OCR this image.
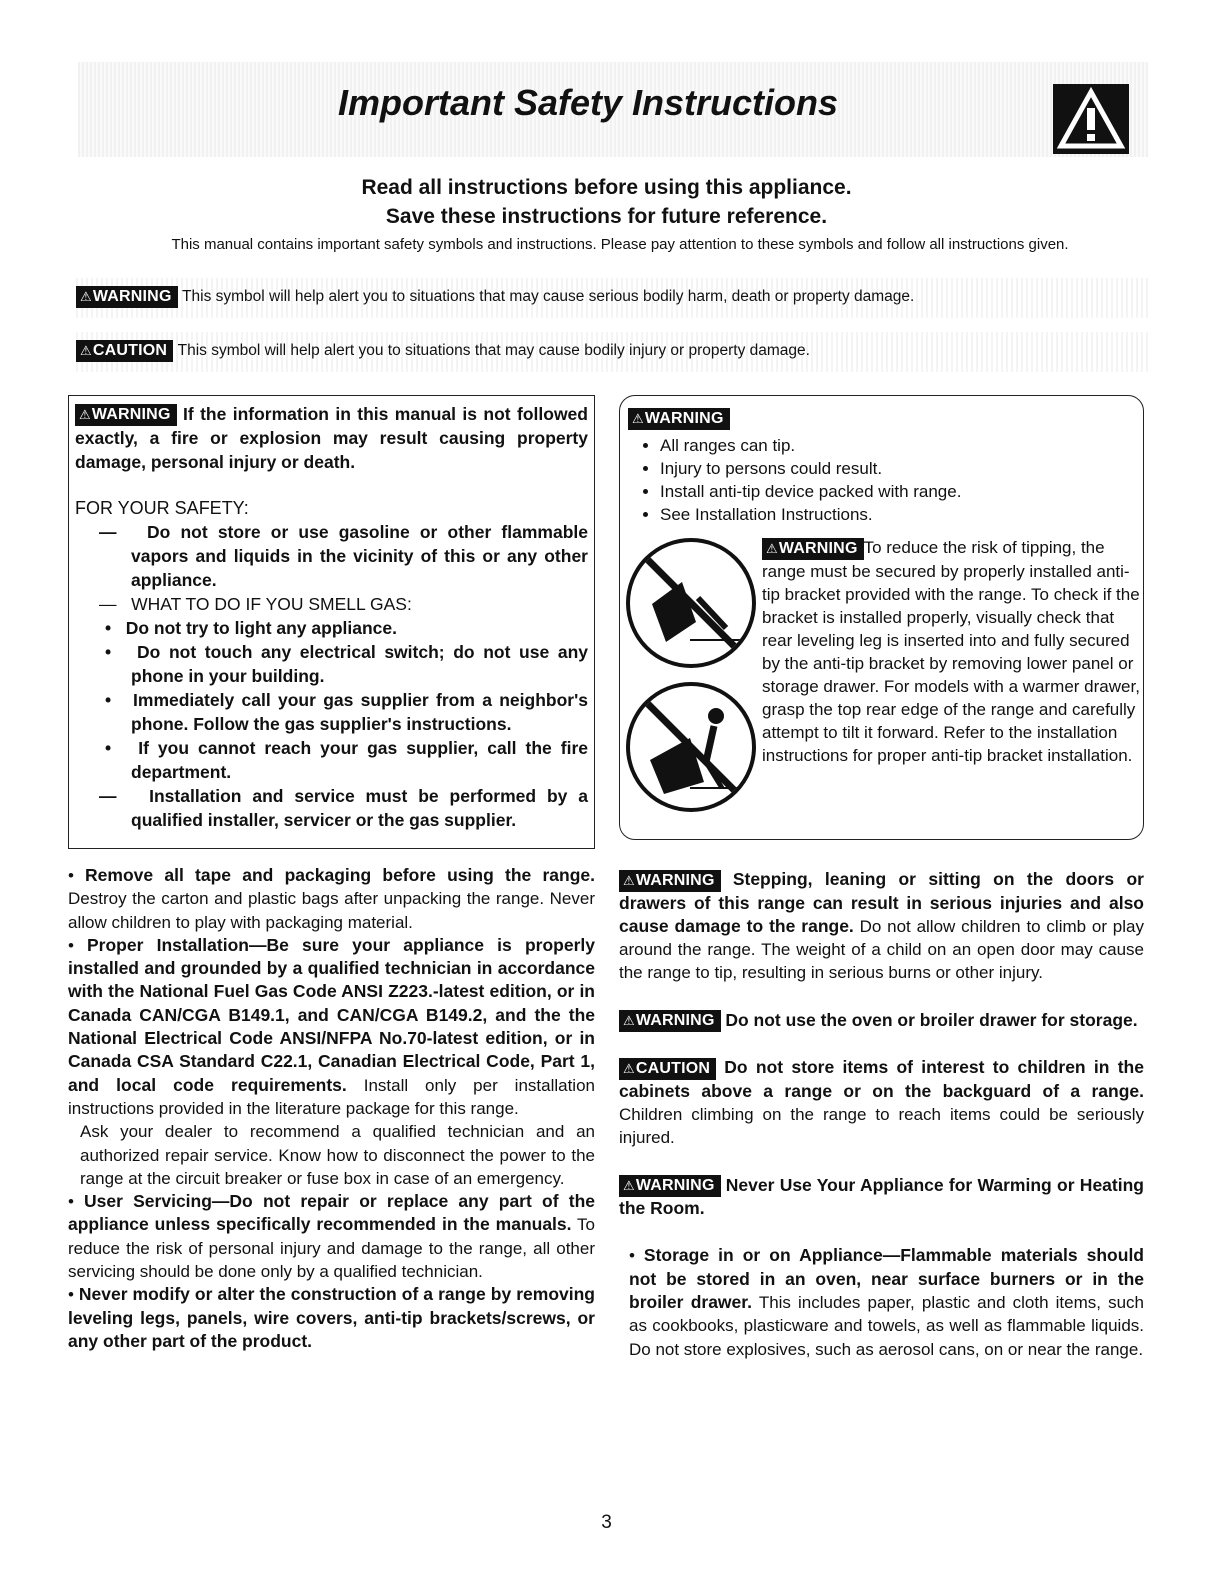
Important Safety Instructions
Read all instructions before using this appliance.
Save these instructions for future reference.
This manual contains important safety symbols and instructions. Please pay attention to these symbols and follow all instructions given.
⚠WARNING This symbol will help alert you to situations that may cause serious bodily harm, death or property damage.
⚠CAUTION This symbol will help alert you to situations that may cause bodily injury or property damage.

⚠WARNING If the information in this manual is not followed exactly, a fire or explosion may result causing property damage, personal injury or death.

FOR YOUR SAFETY:

—   Do not store or use gasoline or other flammable vapors and liquids in the vicinity of this or any other appliance.

—   WHAT TO DO IF YOU SMELL GAS:

•   Do not try to light any appliance.

•   Do not touch any electrical switch; do not use any phone in your building.

•   Immediately call your gas supplier from a neighbor's phone. Follow the gas supplier's instructions.

•   If you cannot reach your gas supplier, call the fire department.

—   Installation and service must be performed by a qualified installer, servicer or the gas supplier.

⚠WARNING
• All ranges can tip.
• Injury to persons could result.
• Install anti-tip device packed with range.
• See Installation Instructions.
⚠WARNING To reduce the risk of tipping, the range must be secured by properly installed anti-tip bracket provided with the range. To check if the bracket is installed properly, visually check that rear leveling leg is inserted into and fully secured by the anti-tip bracket by removing lower panel or storage drawer. For models with a warmer drawer, grasp the top rear edge of the range and carefully attempt to tilt it forward. Refer to the installation instructions for proper anti-tip bracket installation.

• Remove all tape and packaging before using the range. Destroy the carton and plastic bags after unpacking the range. Never allow children to play with packaging material.

• Proper Installation—Be sure your appliance is properly installed and grounded by a qualified technician in accordance with the National Fuel Gas Code ANSI Z223.-latest edition, or in Canada CAN/CGA B149.1, and CAN/CGA B149.2, and the the National Electrical Code ANSI/NFPA No.70-latest edition, or in Canada CSA Standard C22.1, Canadian Electrical Code, Part 1, and local code requirements. Install only per installation instructions provided in the literature package for this range.

Ask your dealer to recommend a qualified technician and an authorized repair service. Know how to disconnect the power to the range at the circuit breaker or fuse box in case of an emergency.

• User Servicing—Do not repair or replace any part of the appliance unless specifically recommended in the manuals. To reduce the risk of personal injury and damage to the range, all other servicing should be done only by a qualified technician.

• Never modify or alter the construction of a range by removing leveling legs, panels, wire covers, anti-tip brackets/screws, or any other part of the product.

⚠WARNING Stepping, leaning or sitting on the doors or drawers of this range can result in serious injuries and also cause damage to the range. Do not allow children to climb or play around the range. The weight of a child on an open door may cause the range to tip, resulting in serious burns or other injury.

⚠WARNING Do not use the oven or broiler drawer for storage.

⚠CAUTION Do not store items of interest to children in the cabinets above a range or on the backguard of a range. Children climbing on the range to reach items could be seriously injured.

⚠WARNING Never Use Your Appliance for Warming or Heating the Room.

• Storage in or on Appliance—Flammable materials should not be stored in an oven, near surface burners or in the broiler drawer. This includes paper, plastic and cloth items, such as cookbooks, plasticware and towels, as well as flammable liquids. Do not store explosives, such as aerosol cans, on or near the range.

3
